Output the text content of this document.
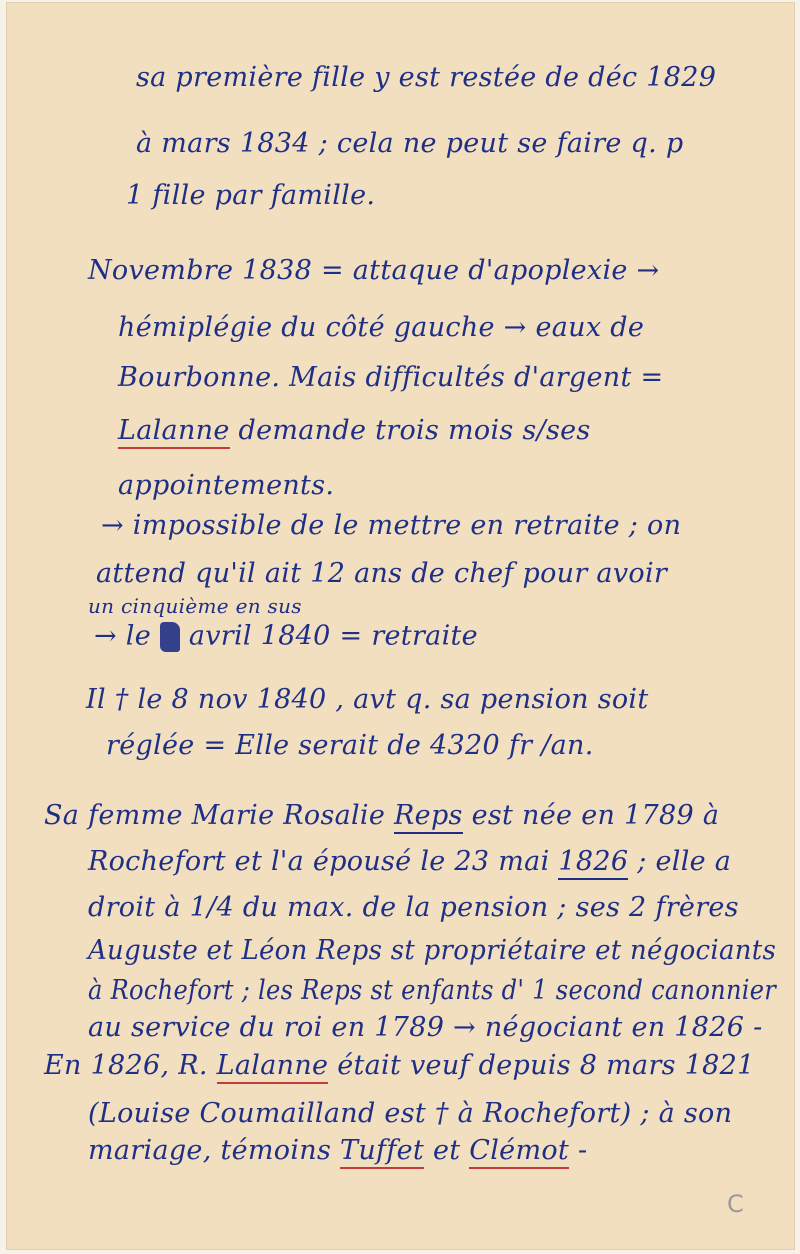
sa première fille y est restée de déc 1829
à mars 1834 ; cela ne peut se faire q. p
1 fille par famille.
Novembre 1838 = attaque d'apoplexie →
hémiplégie du côté gauche → eaux de
Bourbonne. Mais difficultés d'argent =
Lalanne demande trois mois s/ses
appointements.
→ impossible de le mettre en retraite ; on
attend qu'il ait 12 ans de chef pour avoir
un cinquième en sus
→ le avril 1840 = retraite
Il † le 8 nov 1840 , avt q. sa pension soit
réglée = Elle serait de 4320 fr /an.
Sa femme Marie Rosalie Reps est née en 1789 à
Rochefort et l'a épousé le 23 mai 1826 ; elle a
droit à 1/4 du max. de la pension ; ses 2 frères
Auguste et Léon Reps st propriétaire et négociants
à Rochefort ; les Reps st enfants d' 1 second canonnier
au service du roi en 1789 → négociant en 1826 -
En 1826, R. Lalanne était veuf depuis 8 mars 1821
(Louise Coumailland est † à Rochefort) ; à son
mariage, témoins Tuffet et Clémot -
C
